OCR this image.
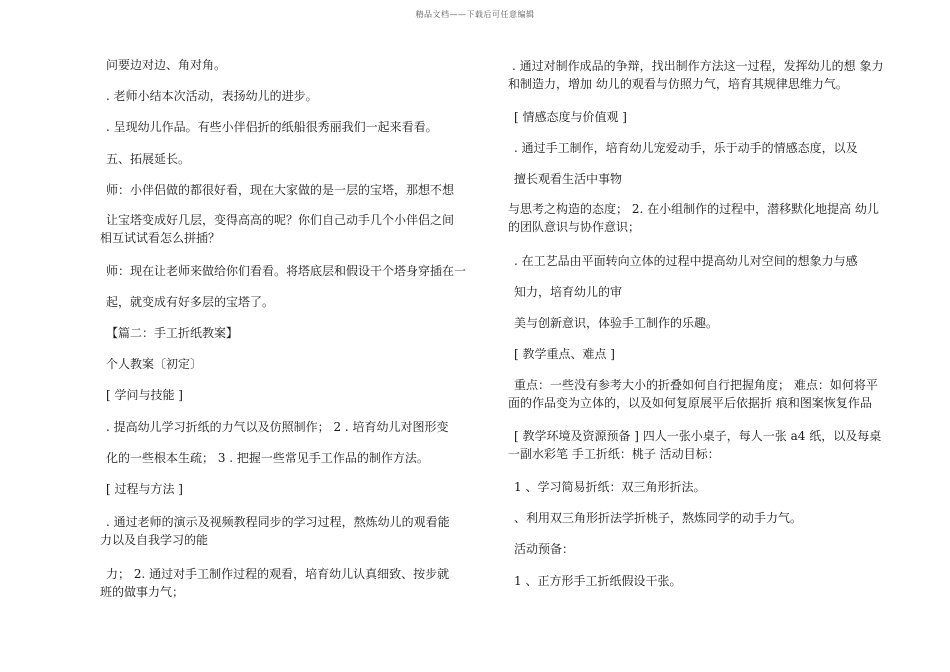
精品文档——下载后可任意编辑
问要边对边、角对角。
. 老师小结本次活动，表扬幼儿的进步。
. 呈现幼儿作品。有些小伴侣折的纸船很秀丽我们一起来看看。
五、拓展延长。
师：小伴侣做的都很好看，现在大家做的是一层的宝塔，那想不想
让宝塔变成好几层，变得高高的呢？你们自己动手几个小伴侣之间 相互试试看怎么拼插？
师：现在让老师来做给你们看看。将塔底层和假设干个塔身穿插在一
起，就变成有好多层的宝塔了。
【篇二：手工折纸教案】
个人教案〔初定〕
[ 学问与技能 ]
. 提高幼儿学习折纸的力气以及仿照制作； 2 . 培育幼儿对图形变
化的一些根本生疏； 3 . 把握一些常见手工作品的制作方法。
[ 过程与方法 ]
. 通过老师的演示及视频教程同步的学习过程，熬炼幼儿的观看能 力以及自我学习的能
力； 2. 通过对手工制作过程的观看，培育幼儿认真细致、按步就 班的做事力气；
. 通过对制作成品的争辩，找出制作方法这一过程，发挥幼儿的想 象力和制造力，增加 幼儿的观看与仿照力气，培育其规律思维力气。
[ 情感态度与价值观 ]
. 通过手工制作，培育幼儿宠爱动手，乐于动手的情感态度，以及
擅长观看生活中事物
与思考之构造的态度； 2. 在小组制作的过程中，潜移默化地提高 幼儿的团队意识与协作意识；
. 在工艺品由平面转向立体的过程中提高幼儿对空间的想象力与感
知力，培育幼儿的审
美与创新意识，体验手工制作的乐趣。
[ 教学重点、难点 ]
重点：一些没有参考大小的折叠如何自行把握角度； 难点：如何将平面的作品变为立体的，以及如何复原展平后依据折 痕和图案恢复作品
[ 教学环境及资源预备 ] 四人一张小桌子，每人一张 a4 纸，以及每桌一副水彩笔 手工折纸：桃子 活动目标：
1 、学习简易折纸：双三角形折法。
、利用双三角形折法学折桃子，熬炼同学的动手力气。
活动预备：
1 、正方形手工折纸假设干张。
